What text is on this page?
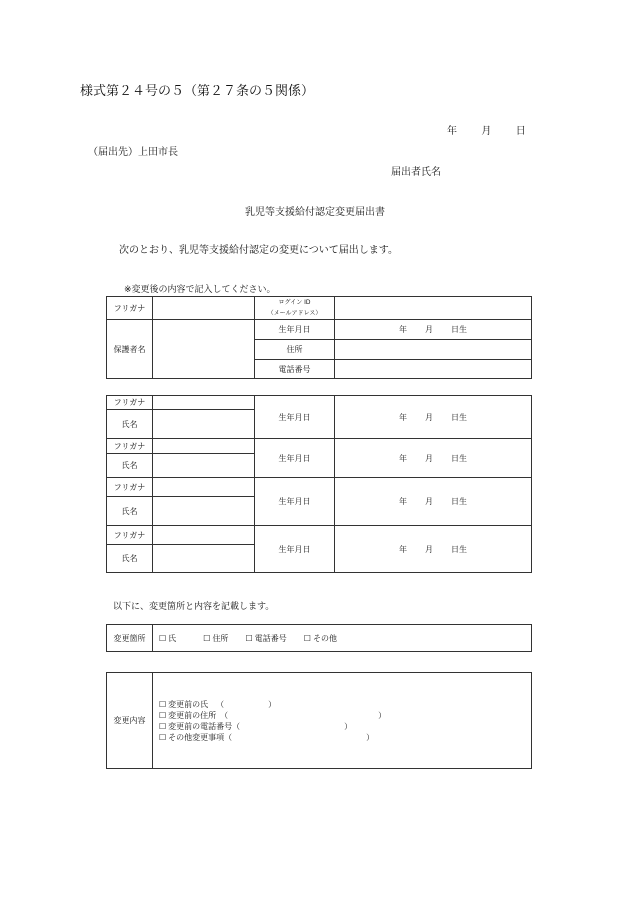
様式第２４号の５（第２７条の５関係）
年 月 日
（届出先）上田市長
届出者氏名
乳児等支援給付認定変更届出書
次のとおり、乳児等支援給付認定の変更について届出します。
※変更後の内容で記入してください。
フリガナ		ログイン ID
（メールアドレス）	

保護者名		生年月日	年 月 日生
		住所	
		電話番号	
フリガナ		生年月日	年 月 日生
氏名			
フリガナ		生年月日	年 月 日生
氏名			
フリガナ		生年月日	年 月 日生
氏名			
フリガナ		生年月日	年 月 日生
氏名			
以下に、変更箇所と内容を記載します。
変更箇所	☐ 氏	☐ 住所 ☐ 電話番号 ☐ その他
変更内容	
☐ 変更前の氏 （	）
☐ 変更前の住所 （	）
☐ 変更前の電話番号（	）
☐ その他変更事項（	）
